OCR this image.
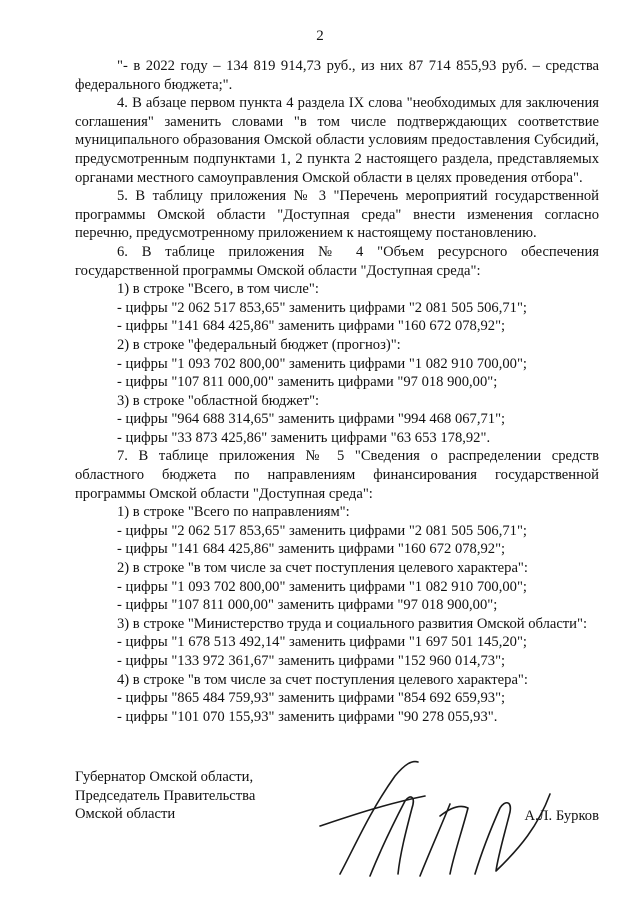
2

"- в 2022 году – 134 819 914,73 руб., из них 87 714 855,93 руб. – средства федерального бюджета;".

4. В абзаце первом пункта 4 раздела IX слова "необходимых для заключения соглашения" заменить словами "в том числе подтверждающих соответствие муниципального образования Омской области условиям предоставления Субсидий, предусмотренным подпунктами 1, 2 пункта 2 настоящего раздела, представляемых органами местного самоуправления Омской области в целях проведения отбора".

5. В таблицу приложения № 3 "Перечень мероприятий государственной программы Омской области "Доступная среда" внести изменения согласно перечню, предусмотренному приложением к настоящему постановлению.

6. В таблице приложения № 4 "Объем ресурсного обеспечения государственной программы Омской области "Доступная среда":

1) в строке "Всего, в том числе":

- цифры "2 062 517 853,65" заменить цифрами "2 081 505 506,71";

- цифры "141 684 425,86" заменить цифрами "160 672 078,92";

2) в строке "федеральный бюджет (прогноз)":

- цифры "1 093 702 800,00" заменить цифрами "1 082 910 700,00";

- цифры "107 811 000,00" заменить цифрами "97 018 900,00";

3) в строке "областной бюджет":

- цифры "964 688 314,65" заменить цифрами "994 468 067,71";

- цифры "33 873 425,86" заменить цифрами "63 653 178,92".

7. В таблице приложения № 5 "Сведения о распределении средств областного бюджета по направлениям финансирования государственной программы Омской области "Доступная среда":

1) в строке "Всего по направлениям":

- цифры "2 062 517 853,65" заменить цифрами "2 081 505 506,71";

- цифры "141 684 425,86" заменить цифрами "160 672 078,92";

2) в строке "в том числе за счет поступления целевого характера":

- цифры "1 093 702 800,00" заменить цифрами "1 082 910 700,00";

- цифры "107 811 000,00" заменить цифрами "97 018 900,00";

3) в строке "Министерство труда и социального развития Омской области":

- цифры "1 678 513 492,14" заменить цифрами "1 697 501 145,20";

- цифры "133 972 361,67" заменить цифрами "152 960 014,73";

4) в строке "в том числе за счет поступления целевого характера":

- цифры "865 484 759,93" заменить цифрами "854 692 659,93";

- цифры "101 070 155,93" заменить цифрами "90 278 055,93".

Губернатор Омской области,
Председатель Правительства
Омской области	А.Л. Бурков
